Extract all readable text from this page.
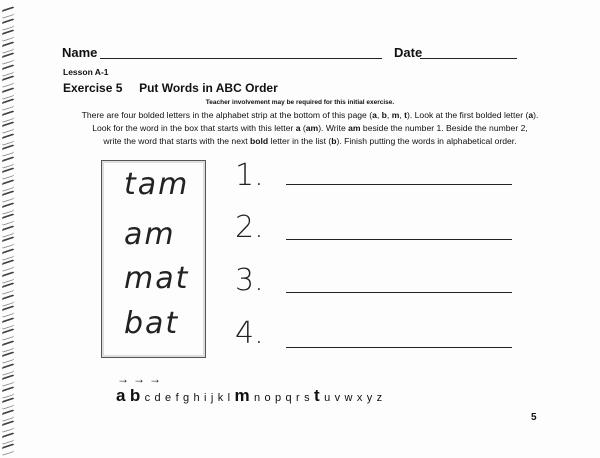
Name	Date
Lesson A-1
Exercise 5 Put Words in ABC Order
Teacher involvement may be required for this initial exercise.
There are four bolded letters in the alphabet strip at the bottom of this page (a, b, m, t). Look at the first bolded letter (a).
Look for the word in the box that starts with this letter a (am). Write am beside the number 1. Beside the number 2,
write the word that starts with the next bold letter in the list (b). Finish putting the words in alphabetical order.
tam
am
mat
bat
1.
2.
3.
4.
→ → →
a b c d e f g h i j k l m n o p q r s t u v w x y z
5
